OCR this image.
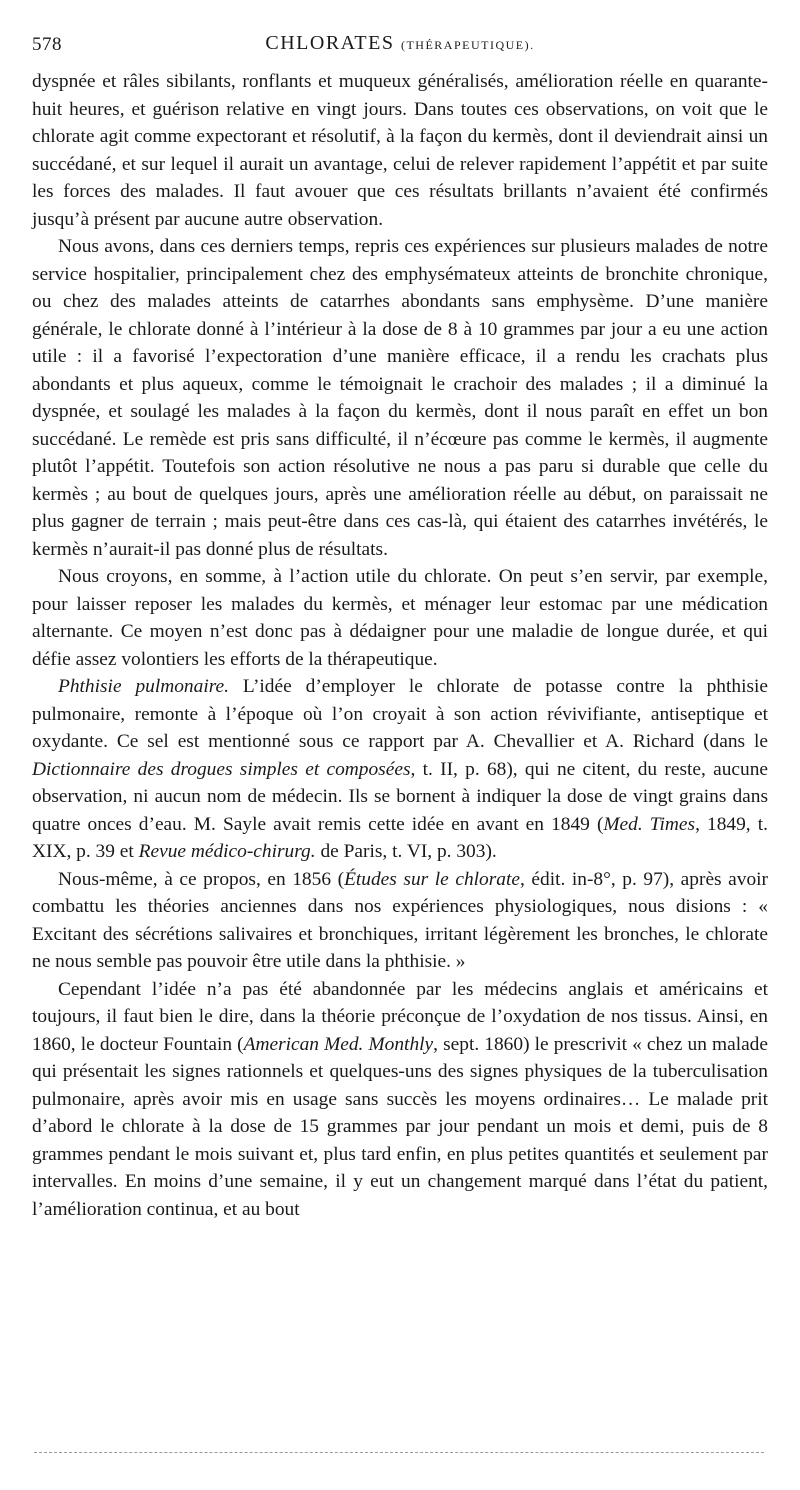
578	CHLORATES (THÉRAPEUTIQUE).

dyspnée et râles sibilants, ronflants et muqueux généralisés, amélioration réelle en quarante-huit heures, et guérison relative en vingt jours. Dans toutes ces observations, on voit que le chlorate agit comme expectorant et résolutif, à la façon du kermès, dont il deviendrait ainsi un succédané, et sur lequel il aurait un avantage, celui de relever rapidement l’appétit et par suite les forces des malades. Il faut avouer que ces résultats brillants n’avaient été confirmés jusqu’à présent par aucune autre observation.

Nous avons, dans ces derniers temps, repris ces expériences sur plusieurs malades de notre service hospitalier, principalement chez des emphysémateux atteints de bronchite chronique, ou chez des malades atteints de catarrhes abondants sans emphysème. D’une manière générale, le chlorate donné à l’intérieur à la dose de 8 à 10 grammes par jour a eu une action utile : il a favorisé l’expectoration d’une manière efficace, il a rendu les crachats plus abondants et plus aqueux, comme le témoignait le crachoir des malades ; il a diminué la dyspnée, et soulagé les malades à la façon du kermès, dont il nous paraît en effet un bon succédané. Le remède est pris sans difficulté, il n’écœure pas comme le kermès, il augmente plutôt l’appétit. Toutefois son action résolutive ne nous a pas paru si durable que celle du kermès ; au bout de quelques jours, après une amélioration réelle au début, on paraissait ne plus gagner de terrain ; mais peut-être dans ces cas-là, qui étaient des catarrhes invétérés, le kermès n’aurait-il pas donné plus de résultats.

Nous croyons, en somme, à l’action utile du chlorate. On peut s’en servir, par exemple, pour laisser reposer les malades du kermès, et ménager leur estomac par une médication alternante. Ce moyen n’est donc pas à dédaigner pour une maladie de longue durée, et qui défie assez volontiers les efforts de la thérapeutique.

Phthisie pulmonaire. L’idée d’employer le chlorate de potasse contre la phthisie pulmonaire, remonte à l’époque où l’on croyait à son action révivifiante, antiseptique et oxydante. Ce sel est mentionné sous ce rapport par A. Chevallier et A. Richard (dans le Dictionnaire des drogues simples et composées, t. II, p. 68), qui ne citent, du reste, aucune observation, ni aucun nom de médecin. Ils se bornent à indiquer la dose de vingt grains dans quatre onces d’eau. M. Sayle avait remis cette idée en avant en 1849 (Med. Times, 1849, t. XIX, p. 39 et Revue médico-chirurg. de Paris, t. VI, p. 303).

Nous-même, à ce propos, en 1856 (Études sur le chlorate, édit. in-8°, p. 97), après avoir combattu les théories anciennes dans nos expériences physiologiques, nous disions : « Excitant des sécrétions salivaires et bronchiques, irritant légèrement les bronches, le chlorate ne nous semble pas pouvoir être utile dans la phthisie. »

Cependant l’idée n’a pas été abandonnée par les médecins anglais et américains et toujours, il faut bien le dire, dans la théorie préconçue de l’oxydation de nos tissus. Ainsi, en 1860, le docteur Fountain (American Med. Monthly, sept. 1860) le prescrivit « chez un malade qui présentait les signes rationnels et quelques-uns des signes physiques de la tuberculisation pulmonaire, après avoir mis en usage sans succès les moyens ordinaires… Le malade prit d’abord le chlorate à la dose de 15 grammes par jour pendant un mois et demi, puis de 8 grammes pendant le mois suivant et, plus tard enfin, en plus petites quantités et seulement par intervalles. En moins d’une semaine, il y eut un changement marqué dans l’état du patient, l’amélioration continua, et au bout
